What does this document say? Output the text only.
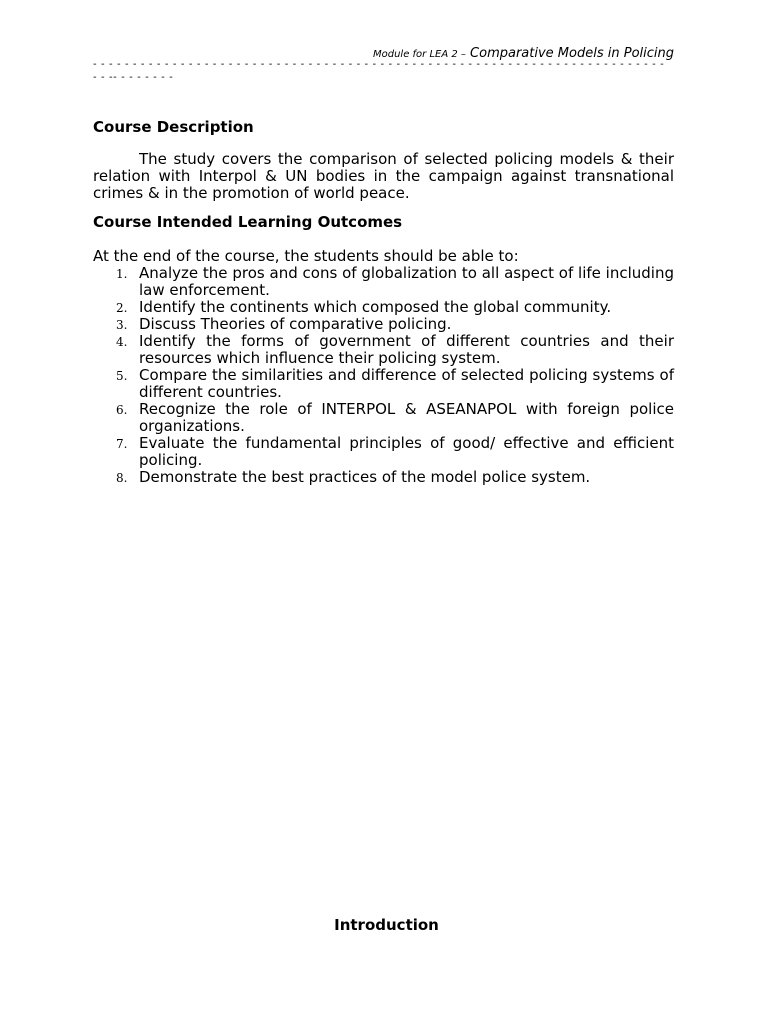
Module for LEA 2 – Comparative Models in Policing
- - - - - - - - - - - - - - - - - - - - - - - - - - - - - - - - - - - - - - - - - - - - - - - - - - - - - - - - - - - - - - - - - - - - - - - -
- - -- - - - - - - -
Course Description

The study covers the comparison of selected policing models & their relation with Interpol & UN bodies in the campaign against transnational crimes & in the promotion of world peace.

Course Intended Learning Outcomes
At the end of the course, the students should be able to:
1. Analyze the pros and cons of globalization to all aspect of life including law enforcement.
2. Identify the continents which composed the global community.
3. Discuss Theories of comparative policing.
4. Identify the forms of government of different countries and their resources which influence their policing system.
5. Compare the similarities and difference of selected policing systems of different countries.
6. Recognize the role of INTERPOL & ASEANAPOL with foreign police organizations.
7. Evaluate the fundamental principles of good/ effective and efficient policing.
8. Demonstrate the best practices of the model police system.
Introduction
